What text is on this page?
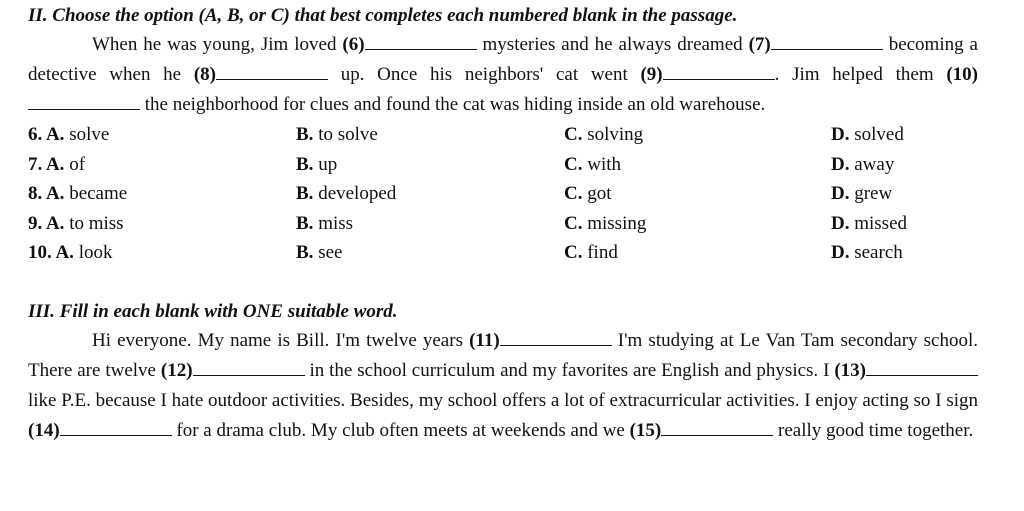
II. Choose the option (A, B, or C) that best completes each numbered blank in the passage.
When he was young, Jim loved (6)	mysteries and he always dreamed (7)	becoming a detective when he (8)	up. Once his neighbors' cat went (9)	. Jim helped them (10) the neighborhood for clues and found the cat was hiding inside an old warehouse.
6. A. solve	B. to solve	C. solving	D. solved
7. A. of	B. up	C. with	D. away
8. A. became	B. developed	C. got	D. grew
9. A. to miss	B. miss	C. missing	D. missed
10. A. look	B. see	C. find	D. search
III. Fill in each blank with ONE suitable word.
Hi everyone. My name is Bill. I'm twelve years (11)	I'm studying at Le Van Tam secondary school. There are twelve (12)	in the school curriculum and my favorites are English and physics. I (13) like P.E. because I hate outdoor activities. Besides, my school offers a lot of extracurricular activities. I enjoy acting so I sign (14)	for a drama club. My club often meets at weekends and we (15)	really good time together.
